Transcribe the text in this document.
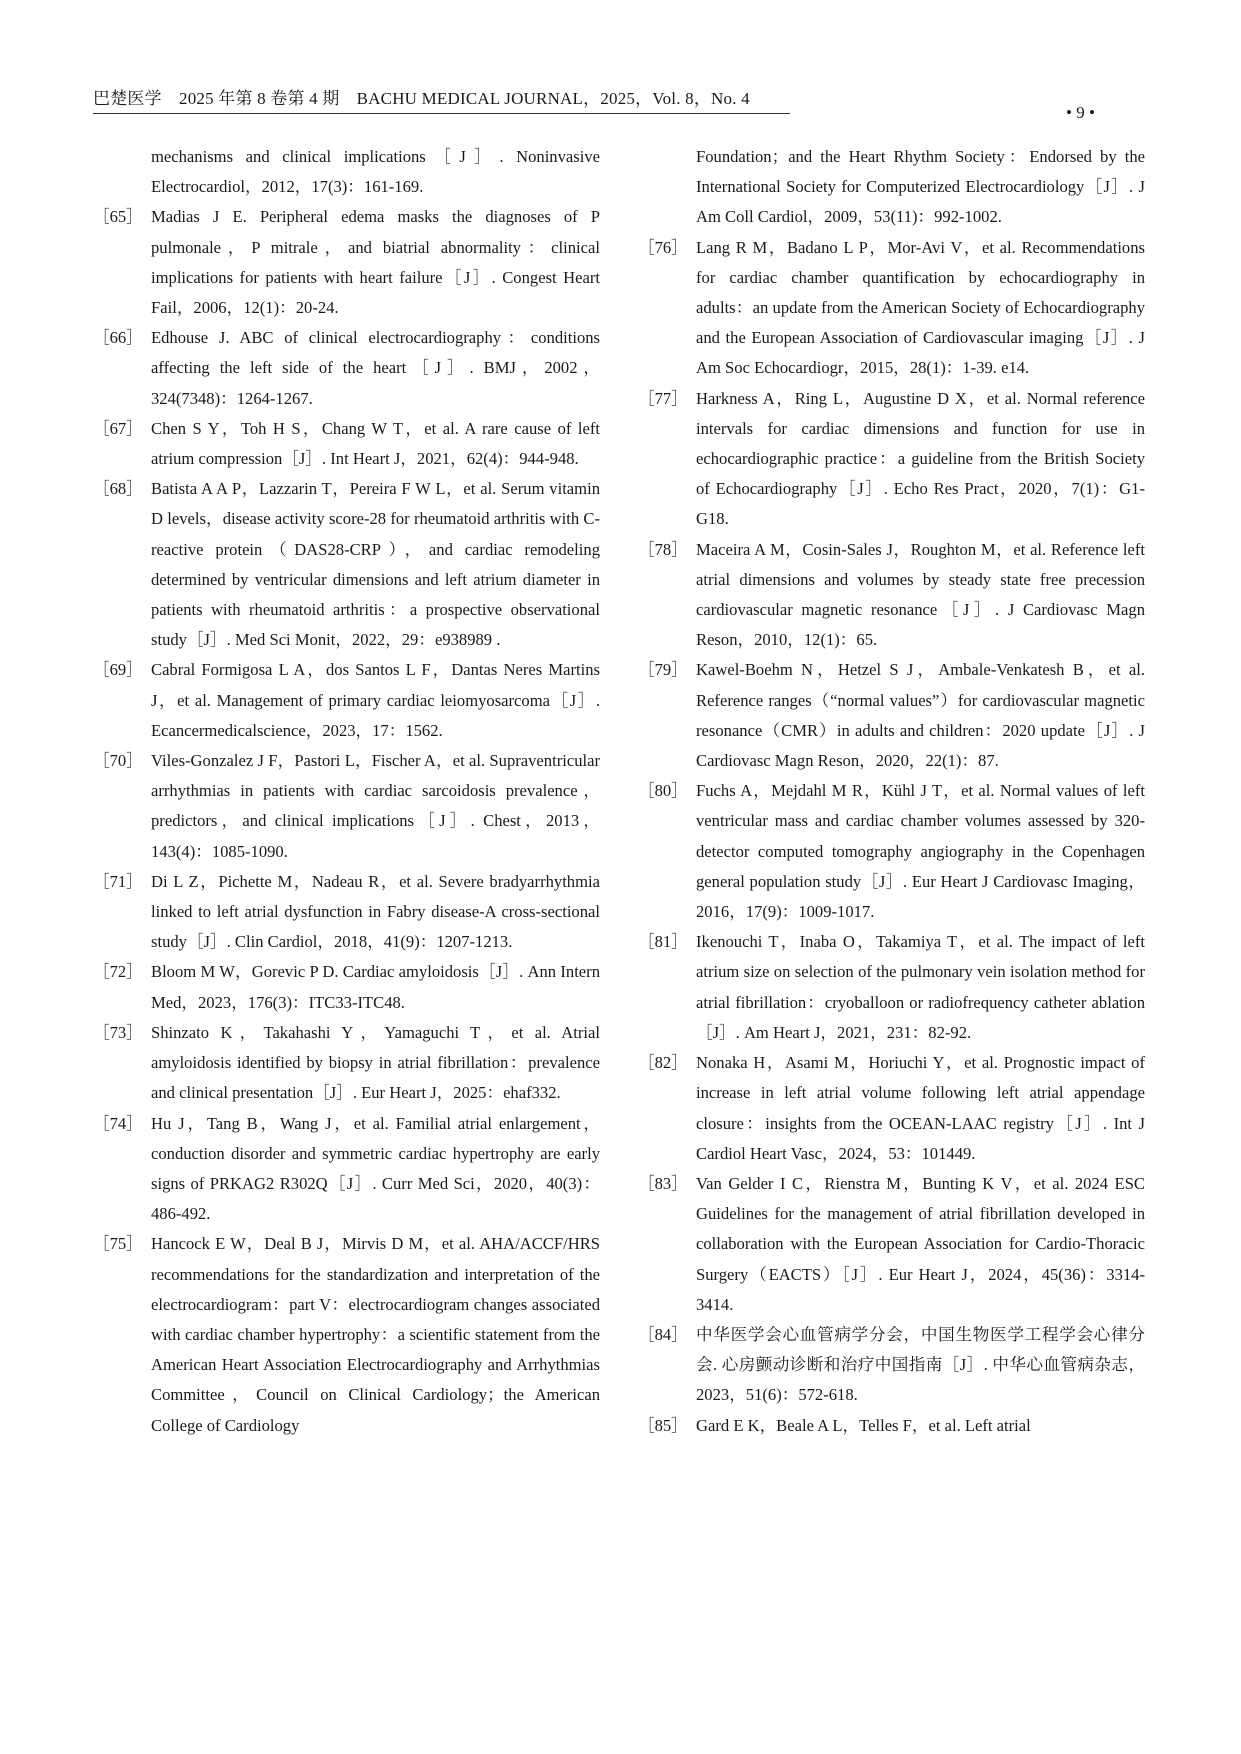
巴楚医学　2025 年第 8 卷第 4 期　BACHU MEDICAL JOURNAL，2025，Vol. 8，No. 4
• 9 •
mechanisms and clinical implications［J］. Noninvasive Electrocardiol，2012，17(3)：161-169.
［65］ Madias J E. Peripheral edema masks the diagnoses of P pulmonale，P mitrale，and biatrial abnormality：clinical implications for patients with heart failure［J］. Congest Heart Fail，2006，12(1)：20-24.
［66］ Edhouse J. ABC of clinical electrocardiography：conditions affecting the left side of the heart［J］. BMJ，2002，324(7348)：1264-1267.
［67］ Chen S Y，Toh H S，Chang W T，et al. A rare cause of left atrium compression［J］. Int Heart J，2021，62(4)：944-948.
［68］ Batista A A P，Lazzarin T，Pereira F W L，et al. Serum vitamin D levels，disease activity score-28 for rheumatoid arthritis with C-reactive protein（DAS28-CRP），and cardiac remodeling determined by ventricular dimensions and left atrium diameter in patients with rheumatoid arthritis：a prospective observational study［J］. Med Sci Monit，2022，29：e938989 .
［69］ Cabral Formigosa L A，dos Santos L F，Dantas Neres Martins J，et al. Management of primary cardiac leiomyosarcoma［J］. Ecancermedicalscience，2023，17：1562.
［70］ Viles-Gonzalez J F，Pastori L，Fischer A，et al. Supraventricular arrhythmias in patients with cardiac sarcoidosis prevalence，predictors，and clinical implications［J］. Chest，2013，143(4)：1085-1090.
［71］ Di L Z，Pichette M，Nadeau R，et al. Severe bradyarrhythmia linked to left atrial dysfunction in Fabry disease-A cross-sectional study［J］. Clin Cardiol，2018，41(9)：1207-1213.
［72］ Bloom M W，Gorevic P D. Cardiac amyloidosis［J］. Ann Intern Med，2023，176(3)：ITC33-ITC48.
［73］ Shinzato K，Takahashi Y，Yamaguchi T，et al. Atrial amyloidosis identified by biopsy in atrial fibrillation：prevalence and clinical presentation［J］. Eur Heart J，2025：ehaf332.
［74］ Hu J，Tang B，Wang J，et al. Familial atrial enlargement，conduction disorder and symmetric cardiac hypertrophy are early signs of PRKAG2 R302Q［J］. Curr Med Sci，2020，40(3)：486-492.
［75］ Hancock E W，Deal B J，Mirvis D M，et al. AHA/ACCF/HRS recommendations for the standardization and interpretation of the electrocardiogram：part V：electrocardiogram changes associated with cardiac chamber hypertrophy：a scientific statement from the American Heart Association Electrocardiography and Arrhythmias Committee，Council on Clinical Cardiology；the American College of Cardiology
Foundation；and the Heart Rhythm Society：Endorsed by the International Society for Computerized Electrocardiology［J］. J Am Coll Cardiol，2009，53(11)：992-1002.
［76］ Lang R M，Badano L P，Mor-Avi V，et al. Recommendations for cardiac chamber quantification by echocardiography in adults：an update from the American Society of Echocardiography and the European Association of Cardiovascular imaging［J］. J Am Soc Echocardiogr，2015，28(1)：1-39. e14.
［77］ Harkness A，Ring L，Augustine D X，et al. Normal reference intervals for cardiac dimensions and function for use in echocardiographic practice：a guideline from the British Society of Echocardiography［J］. Echo Res Pract，2020，7(1)：G1-G18.
［78］ Maceira A M，Cosin-Sales J，Roughton M，et al. Reference left atrial dimensions and volumes by steady state free precession cardiovascular magnetic resonance［J］. J Cardiovasc Magn Reson，2010，12(1)：65.
［79］ Kawel-Boehm N，Hetzel S J，Ambale-Venkatesh B，et al. Reference ranges（“normal values”）for cardiovascular magnetic resonance（CMR）in adults and children：2020 update［J］. J Cardiovasc Magn Reson，2020，22(1)：87.
［80］ Fuchs A，Mejdahl M R，Kühl J T，et al. Normal values of left ventricular mass and cardiac chamber volumes assessed by 320-detector computed tomography angiography in the Copenhagen general population study［J］. Eur Heart J Cardiovasc Imaging，2016，17(9)：1009-1017.
［81］ Ikenouchi T，Inaba O，Takamiya T，et al. The impact of left atrium size on selection of the pulmonary vein isolation method for atrial fibrillation：cryoballoon or radiofrequency catheter ablation［J］. Am Heart J，2021，231：82-92.
［82］ Nonaka H，Asami M，Horiuchi Y，et al. Prognostic impact of increase in left atrial volume following left atrial appendage closure：insights from the OCEAN-LAAC registry［J］. Int J Cardiol Heart Vasc，2024，53：101449.
［83］ Van Gelder I C，Rienstra M，Bunting K V，et al. 2024 ESC Guidelines for the management of atrial fibrillation developed in collaboration with the European Association for Cardio-Thoracic Surgery（EACTS）［J］. Eur Heart J，2024，45(36)：3314-3414.
［84］ 中华医学会心血管病学分会，中国生物医学工程学会心律分会. 心房颤动诊断和治疗中国指南［J］. 中华心血管病杂志，2023，51(6)：572-618.
［85］ Gard E K，Beale A L，Telles F，et al. Left atrial
